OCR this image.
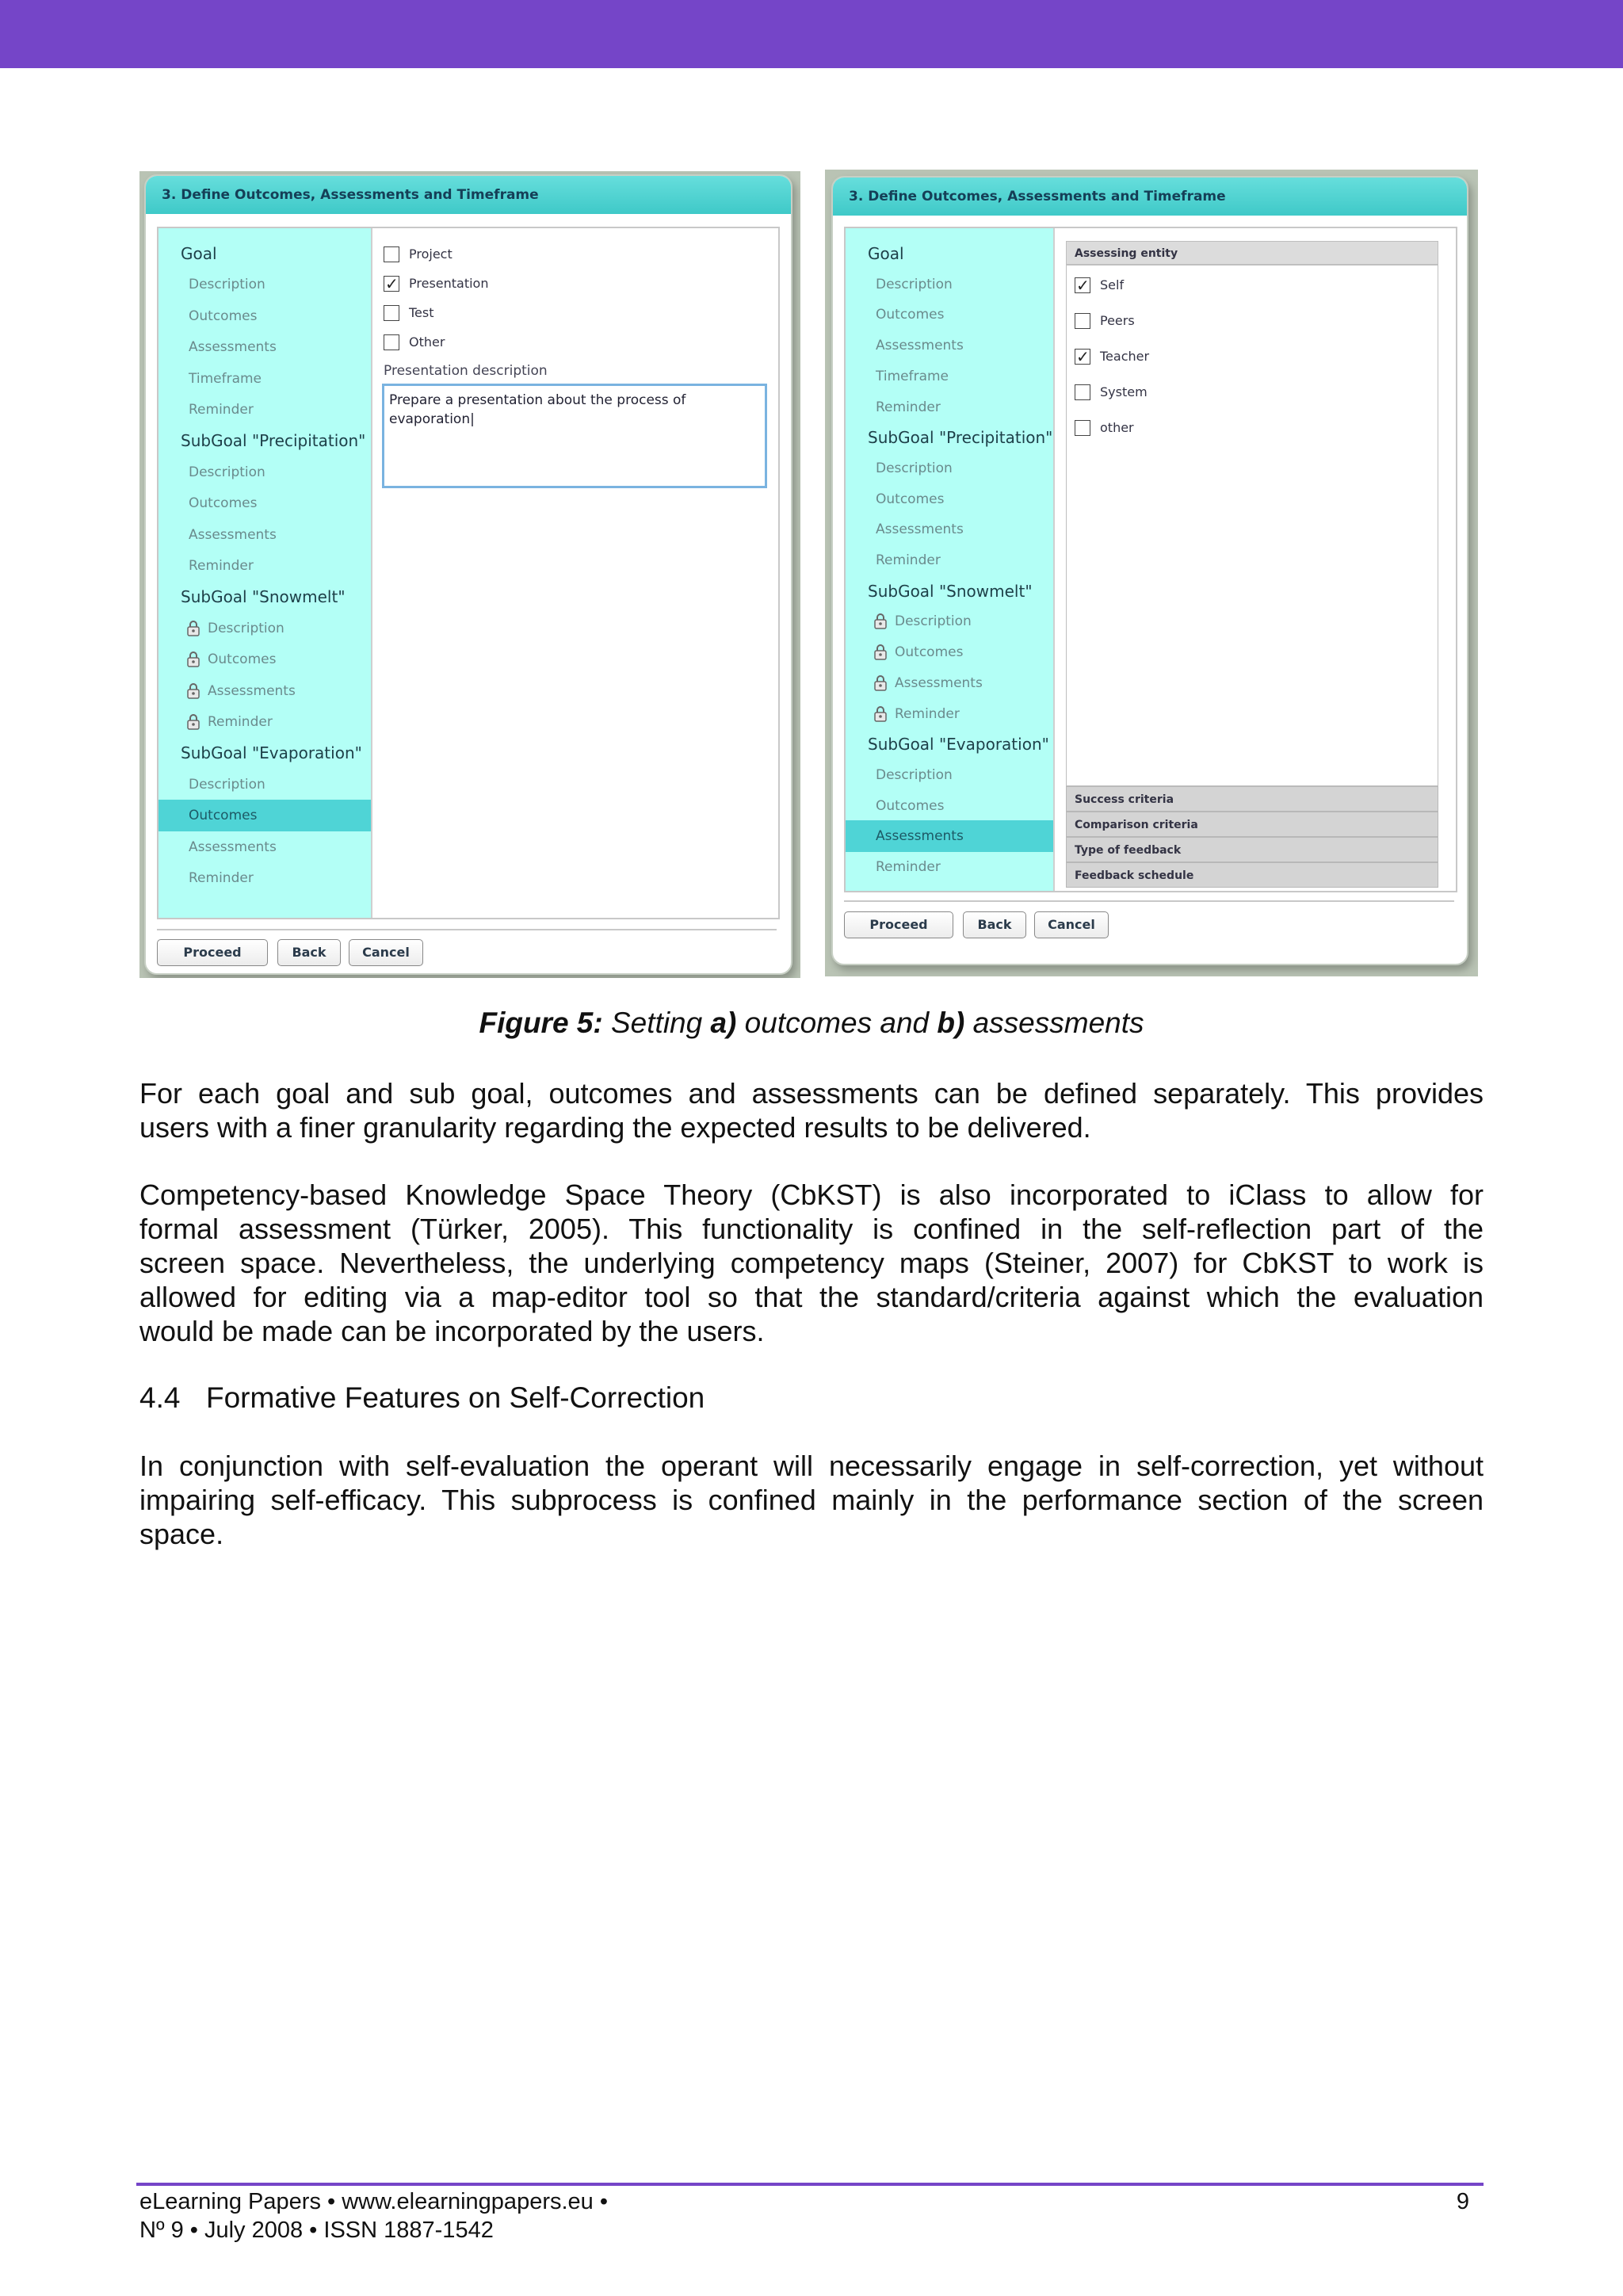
3. Define Outcomes, Assessments and Timeframe
Goal
Description
Outcomes
Assessments
Timeframe
Reminder
SubGoal "Precipitation"
Description
Outcomes
Assessments
Reminder
SubGoal "Snowmelt"
Description
Outcomes
Assessments
Reminder
SubGoal "Evaporation"
Description
Outcomes
Assessments
Reminder
Project
✓Presentation
Test
Other
Presentation description
Prepare a presentation about the process of evaporation|
Proceed	Back	Cancel
3. Define Outcomes, Assessments and Timeframe
Goal
Description
Outcomes
Assessments
Timeframe
Reminder
SubGoal "Precipitation"
Description
Outcomes
Assessments
Reminder
SubGoal "Snowmelt"
Description
Outcomes
Assessments
Reminder
SubGoal "Evaporation"
Description
Outcomes
Assessments
Reminder
Assessing entity
✓Self
Peers
✓Teacher
System
other
Success criteria
Comparison criteria
Type of feedback
Feedback schedule
Proceed	Back	Cancel
Figure 5: Setting a) outcomes and b) assessments
For each goal and sub goal, outcomes and assessments can be defined separately. This provides
users with a finer granularity regarding the expected results to be delivered.
Competency-based Knowledge Space Theory (CbKST) is also incorporated to iClass to allow for
formal assessment (Türker, 2005). This functionality is confined in the self-reflection part of the
screen space. Nevertheless, the underlying competency maps (Steiner, 2007) for CbKST to work is
allowed for editing via a map-editor tool so that the standard/criteria against which the evaluation
would be made can be incorporated by the users.
4.4 Formative Features on Self-Correction
In conjunction with self-evaluation the operant will necessarily engage in self-correction, yet without
impairing self-efficacy. This subprocess is confined mainly in the performance section of the screen
space.
eLearning Papers • www.elearningpapers.eu •
Nº 9 • July 2008 • ISSN 1887-1542
9
